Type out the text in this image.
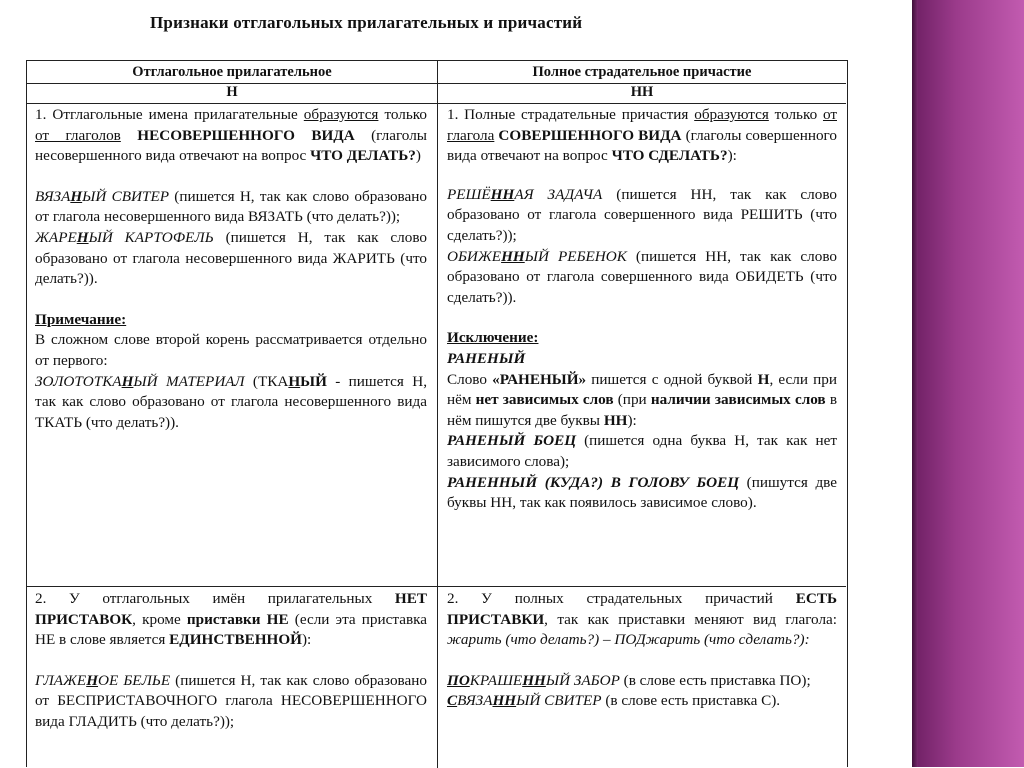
Признаки отглагольных прилагательных и причастий
Отглагольное прилагательное	Полное страдательное причастие
Н	НН

1. Отглагольные имена прилагательные образуются только от глаголов НЕСОВЕРШЕННОГО ВИДА (глаголы несовершенного вида отвечают на вопрос ЧТО ДЕЛАТЬ?)

ВЯЗАНЫЙ СВИТЕР (пишется Н, так как слово образовано от глагола несовершенного вида ВЯЗАТЬ (что делать?));

ЖАРЕНЫЙ КАРТОФЕЛЬ (пишется Н, так как слово образовано от глагола несовершенного вида ЖАРИТЬ (что делать?)).

Примечание:

В сложном слове второй корень рассматривается отдельно от первого:

ЗОЛОТОТКАНЫЙ МАТЕРИАЛ (ТКАНЫЙ - пишется Н, так как слово образовано от глагола несовершенного вида ТКАТЬ (что делать?)).

1. Полные страдательные причастия образуются только от глагола СОВЕРШЕННОГО ВИДА (глаголы совершенного вида отвечают на вопрос ЧТО СДЕЛАТЬ?):

РЕШЁННАЯ ЗАДАЧА (пишется НН, так как слово образовано от глагола совершенного вида РЕШИТЬ (что сделать?));

ОБИЖЕННЫЙ РЕБЕНОК (пишется НН, так как слово образовано от глагола совершенного вида ОБИДЕТЬ (что сделать?)).

Исключение:

РАНЕНЫЙ

Слово «РАНЕНЫЙ» пишется с одной буквой Н, если при нём нет зависимых слов (при наличии зависимых слов в нём пишутся две буквы НН):

РАНЕНЫЙ БОЕЦ (пишется одна буква Н, так как нет зависимого слова);

РАНЕННЫЙ (КУДА?) В ГОЛОВУ БОЕЦ (пишутся две буквы НН, так как появилось зависимое слово).

2. У отглагольных имён прилагательных НЕТ ПРИСТАВОК, кроме приставки НЕ (если эта приставка НЕ в слове является ЕДИНСТВЕННОЙ):

ГЛАЖЕНОЕ БЕЛЬЕ (пишется Н, так как слово образовано от БЕСПРИСТАВОЧНОГО глагола НЕСОВЕРШЕННОГО вида ГЛАДИТЬ (что делать?));

2. У полных страдательных причастий ЕСТЬ ПРИСТАВКИ, так как приставки меняют вид глагола: жарить (что делать?) – ПОДжарить (что сделать?):

ПОКРАШЕННЫЙ ЗАБОР (в слове есть приставка ПО);

СВЯЗАННЫЙ СВИТЕР (в слове есть приставка С).
